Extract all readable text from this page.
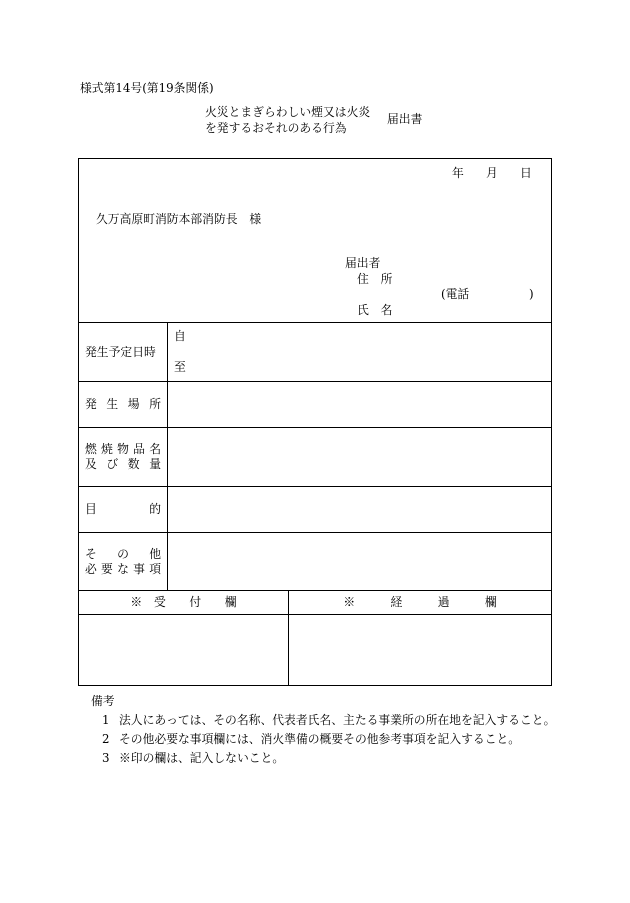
様式第14号(第19条関係)
火災とまぎらわしい煙又は火炎
を発するおそれのある行為
届出書
年 月 日
久万高原町消防本部消防長　様
届出者
住　所
(電話	)
氏　名
発生予定日時
自
至
発生場所
燃焼物品名
及び数量
目的
その他
必要な事項
※　受　　付　　欄	※　　　経　　　過　　　欄
備考
1 法人にあっては、その名称、代表者氏名、主たる事業所の所在地を記入すること。
2 その他必要な事項欄には、消火準備の概要その他参考事項を記入すること。
3 ※印の欄は、記入しないこと。
